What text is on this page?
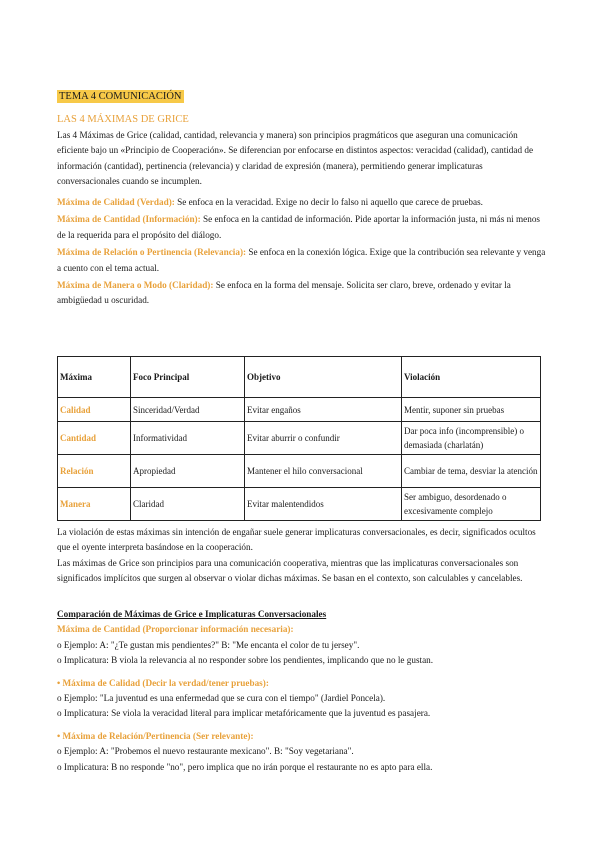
TEMA 4 COMUNICACIÓN
LAS 4 MÁXIMAS DE GRICE

Las 4 Máximas de Grice (calidad, cantidad, relevancia y manera) son principios pragmáticos que aseguran una comunicación eficiente bajo un «Principio de Cooperación». Se diferencian por enfocarse en distintos aspectos: veracidad (calidad), cantidad de información (cantidad), pertinencia (relevancia) y claridad de expresión (manera), permitiendo generar implicaturas conversacionales cuando se incumplen.

Máxima de Calidad (Verdad): Se enfoca en la veracidad. Exige no decir lo falso ni aquello que carece de pruebas.

Máxima de Cantidad (Información): Se enfoca en la cantidad de información. Pide aportar la información justa, ni más ni menos de la requerida para el propósito del diálogo.

Máxima de Relación o Pertinencia (Relevancia): Se enfoca en la conexión lógica. Exige que la contribución sea relevante y venga a cuento con el tema actual.

Máxima de Manera o Modo (Claridad): Se enfoca en la forma del mensaje. Solicita ser claro, breve, ordenado y evitar la ambigüedad u oscuridad.

Máxima	Foco Principal	Objetivo	Violación
Calidad	Sinceridad/Verdad	Evitar engaños	Mentir, suponer sin pruebas
Cantidad	Informatividad	Evitar aburrir o confundir	Dar poca info (incomprensible) o demasiada (charlatán)
Relación	Apropiedad	Mantener el hilo conversacional	Cambiar de tema, desviar la atención
Manera	Claridad	Evitar malentendidos	Ser ambiguo, desordenado o excesivamente complejo

La violación de estas máximas sin intención de engañar suele generar implicaturas conversacionales, es decir, significados ocultos que el oyente interpreta basándose en la cooperación.

Las máximas de Grice son principios para una comunicación cooperativa, mientras que las implicaturas conversacionales son significados implícitos que surgen al observar o violar dichas máximas. Se basan en el contexto, son calculables y cancelables.

Comparación de Máximas de Grice e Implicaturas Conversacionales

Máxima de Cantidad (Proporcionar información necesaria):

o Ejemplo: A: "¿Te gustan mis pendientes?" B: "Me encanta el color de tu jersey".

o Implicatura: B viola la relevancia al no responder sobre los pendientes, implicando que no le gustan.

• Máxima de Calidad (Decir la verdad/tener pruebas):

o Ejemplo: "La juventud es una enfermedad que se cura con el tiempo" (Jardiel Poncela).

o Implicatura: Se viola la veracidad literal para implicar metafóricamente que la juventud es pasajera.

• Máxima de Relación/Pertinencia (Ser relevante):

o Ejemplo: A: "Probemos el nuevo restaurante mexicano". B: "Soy vegetariana".

o Implicatura: B no responde "no", pero implica que no irán porque el restaurante no es apto para ella.
